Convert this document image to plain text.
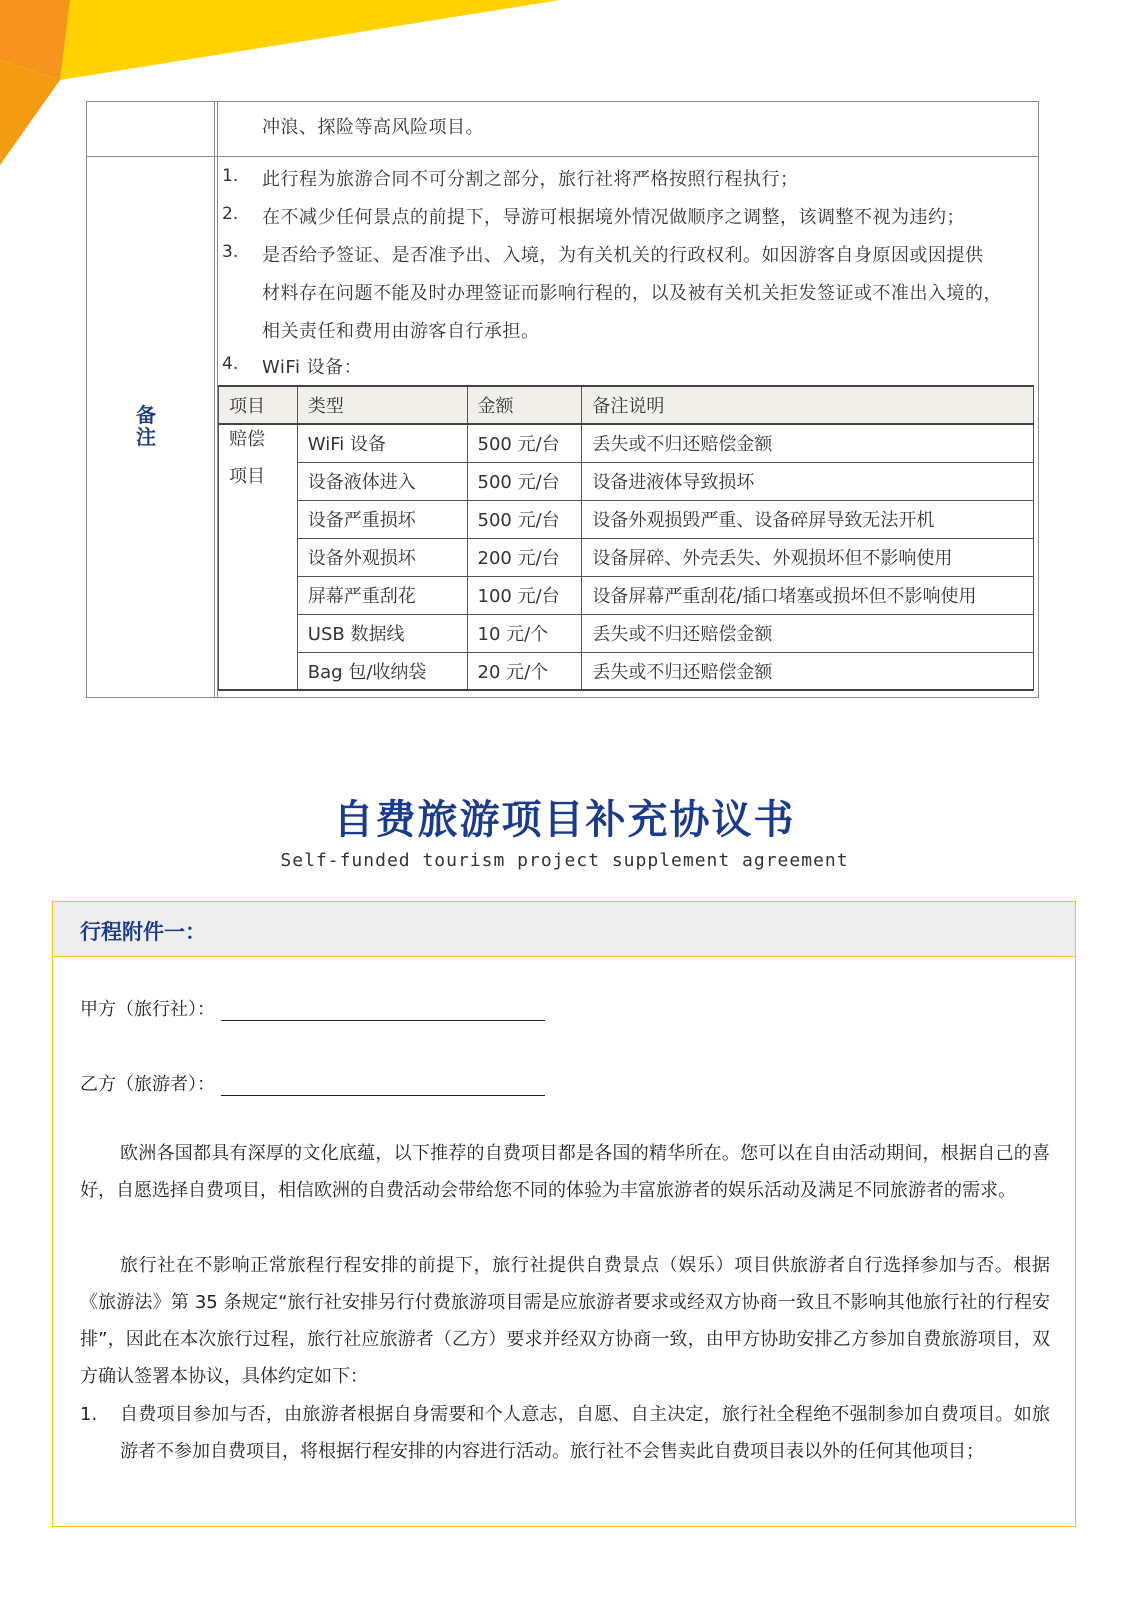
备注
冲浪、探险等高风险项目。
1. 此行程为旅游合同不可分割之部分，旅行社将严格按照行程执行；
2. 在不减少任何景点的前提下，导游可根据境外情况做顺序之调整，该调整不视为违约；
3. 是否给予签证、是否准予出、入境，为有关机关的行政权利。如因游客自身原因或因提供
材料存在问题不能及时办理签证而影响行程的，以及被有关机关拒发签证或不准出入境的，
相关责任和费用由游客自行承担。
4. WiFi 设备：
项目	类型	金额	备注说明
赔偿	WiFi 设备	500 元/台	丢失或不归还赔偿金额
项目	设备液体进入	500 元/台	设备进液体导致损坏
	设备严重损坏	500 元/台	设备外观损毁严重、设备碎屏导致无法开机
	设备外观损坏	200 元/台	设备屏碎、外壳丢失、外观损坏但不影响使用
	屏幕严重刮花	100 元/台	设备屏幕严重刮花/插口堵塞或损坏但不影响使用
	USB 数据线	10 元/个	丢失或不归还赔偿金额
	Bag 包/收纳袋	20 元/个	丢失或不归还赔偿金额
自费旅游项目补充协议书
Self-funded tourism project supplement agreement
行程附件一：
甲方（旅行社）：
乙方（旅游者）：
欧洲各国都具有深厚的文化底蕴，以下推荐的自费项目都是各国的精华所在。您可以在自由活动期间，根据自己的喜好，自愿选择自费项目，相信欧洲的自费活动会带给您不同的体验为丰富旅游者的娱乐活动及满足不同旅游者的需求。
旅行社在不影响正常旅程行程安排的前提下，旅行社提供自费景点（娱乐）项目供旅游者自行选择参加与否。根据《旅游法》第 35 条规定“旅行社安排另行付费旅游项目需是应旅游者要求或经双方协商一致且不影响其他旅行社的行程安排”，因此在本次旅行过程，旅行社应旅游者（乙方）要求并经双方协商一致，由甲方协助安排乙方参加自费旅游项目，双方确认签署本协议，具体约定如下：
1. 自费项目参加与否，由旅游者根据自身需要和个人意志，自愿、自主决定，旅行社全程绝不强制参加自费项目。如旅游者不参加自费项目，将根据行程安排的内容进行活动。旅行社不会售卖此自费项目表以外的任何其他项目；
